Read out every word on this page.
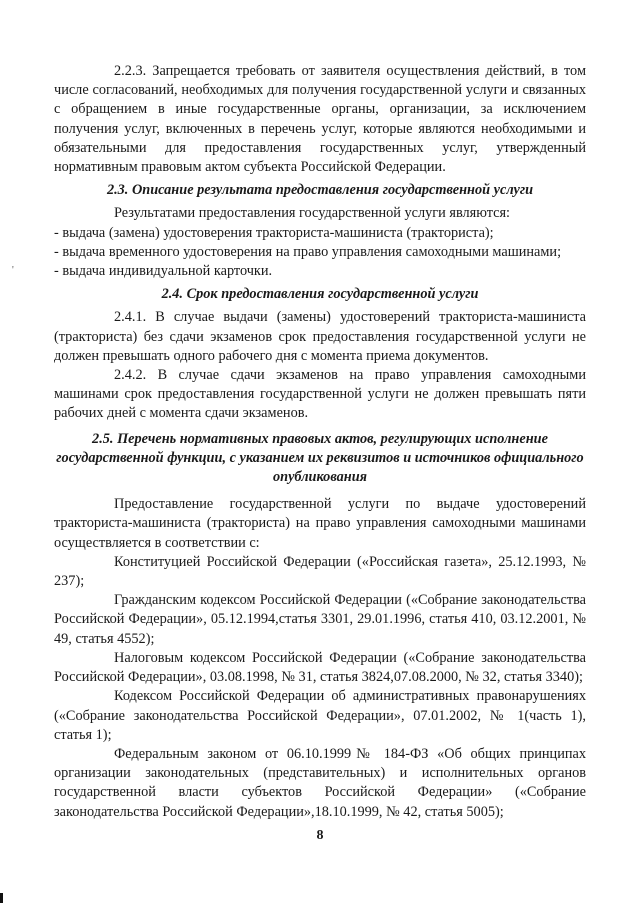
2.2.3. Запрещается требовать от заявителя осуществления действий, в том числе согласований, необходимых для получения государственной услуги и связанных с обращением в иные государственные органы, организации, за исключением получения услуг, включенных в перечень услуг, которые являются необходимыми и обязательными для предоставления государственных услуг, утвержденный нормативным правовым актом субъекта Российской Федерации.

2.3. Описание результата предоставления государственной услуги

Результатами предоставления государственной услуги являются:

- выдача (замена) удостоверения тракториста-машиниста (тракториста);

- выдача временного удостоверения на право управления самоходными машинами;

- выдача индивидуальной карточки.

2.4. Срок предоставления государственной услуги

2.4.1. В случае выдачи (замены) удостоверений тракториста-машиниста (тракториста) без сдачи экзаменов срок предоставления государственной услуги не должен превышать одного рабочего дня с момента приема документов.

2.4.2. В случае сдачи экзаменов на право управления самоходными машинами срок предоставления государственной услуги не должен превышать пяти рабочих дней с момента сдачи экзаменов.

2.5. Перечень нормативных правовых актов, регулирующих исполнение государственной функции, с указанием их реквизитов и источников официального опубликования

Предоставление государственной услуги по выдаче удостоверений тракториста-машиниста (тракториста) на право управления самоходными машинами осуществляется в соответствии с:

Конституцией Российской Федерации («Российская газета», 25.12.1993, № 237);

Гражданским кодексом Российской Федерации («Собрание законодательства Российской Федерации», 05.12.1994,статья 3301, 29.01.1996, статья 410, 03.12.2001, № 49, статья 4552);

Налоговым кодексом Российской Федерации («Собрание законодательства Российской Федерации», 03.08.1998, № 31, статья 3824,07.08.2000, № 32, статья 3340);

Кодексом Российской Федерации об административных правонарушениях («Собрание законодательства Российской Федерации», 07.01.2002, № 1(часть 1), статья 1);

Федеральным законом от 06.10.1999№ 184-ФЗ «Об общих принципах организации законодательных (представительных) и исполнительных органов государственной власти субъектов Российской Федерации» («Собрание законодательства Российской Федерации»,18.10.1999, № 42, статья 5005);

8
'
